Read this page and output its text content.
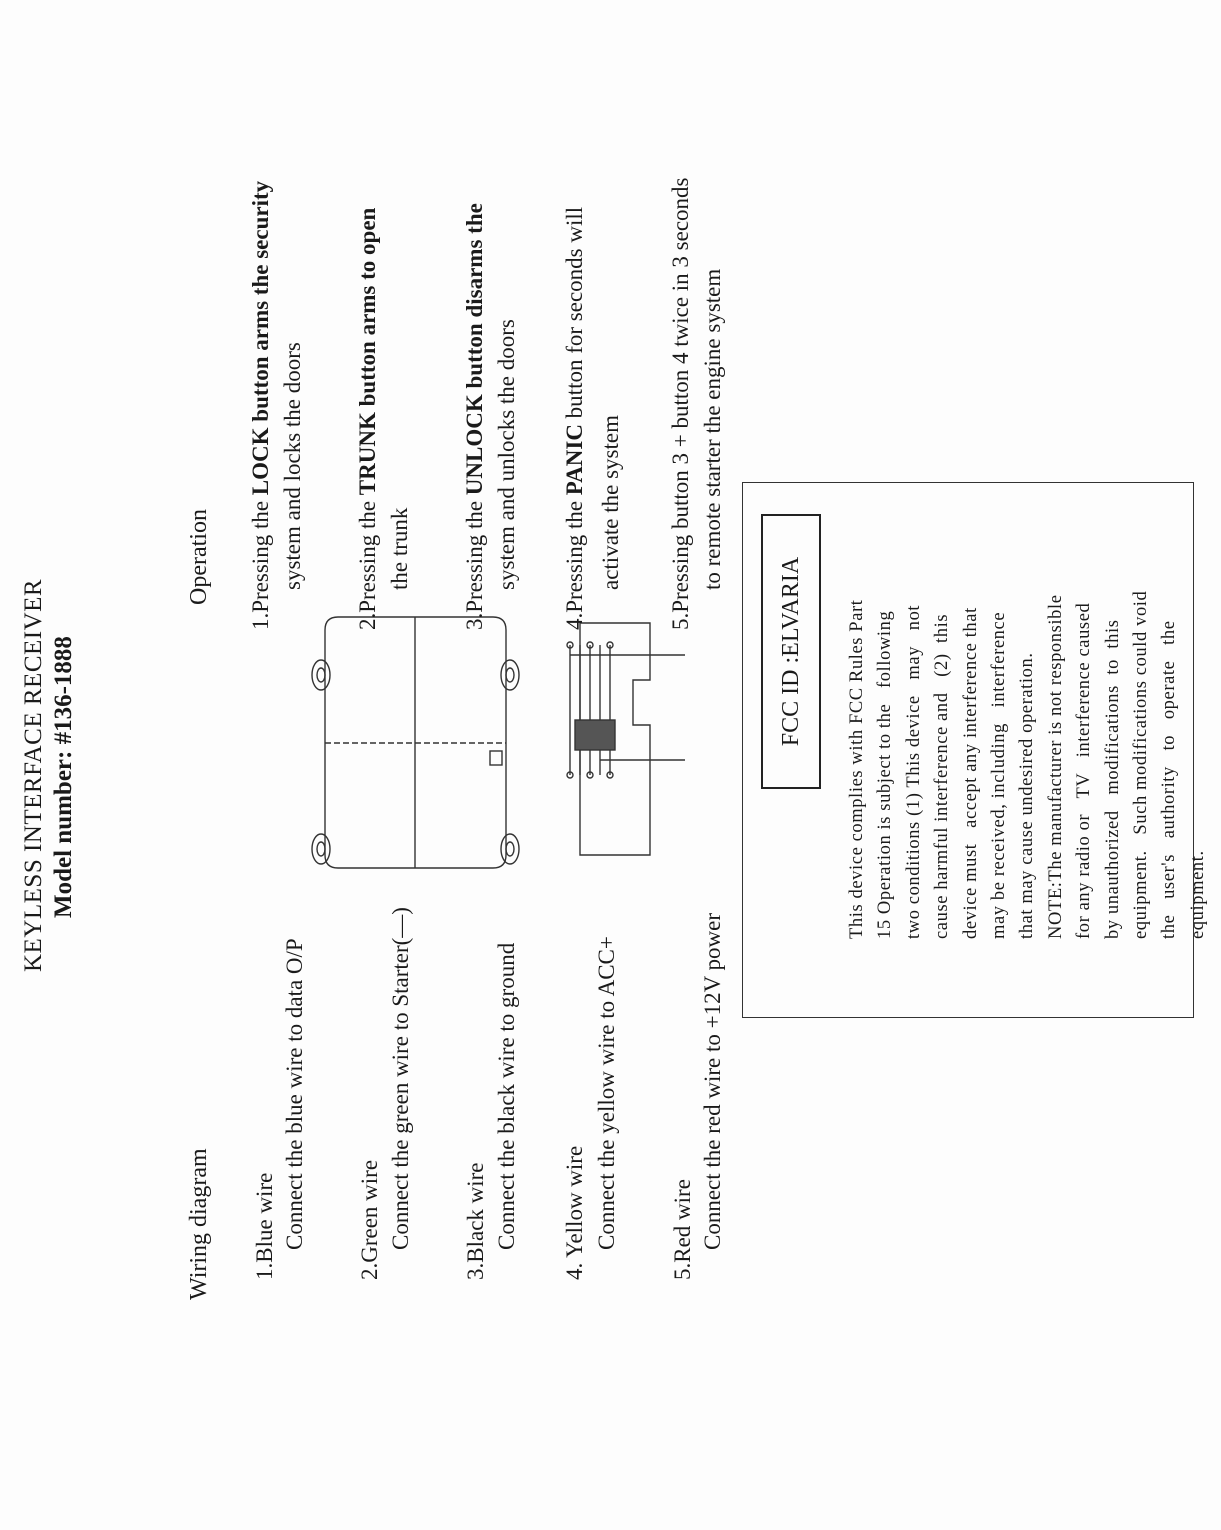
KEYLESS INTERFACE RECEIVER Model number: #136-1888
Wiring diagram 1.Blue wire Connect the blue wire to data O/P 2.Green wire Connect the green wire to Starter(—) 3.Black wire Connect the black wire to ground 4. Yellow wire Connect the yellow wire to ACC+ 5.Red wire Connect the red wire to +12V power
Operation 1.Pressing the LOCK button arms the security
system and locks the doors 2.Pressing the TRUNK button arms to open
the trunk 3.Pressing the UNLOCK button disarms the
system and unlocks the doors 4.Pressing the PANIC button for seconds will
activate the system 5.Pressing button 3 + button 4 twice in 3 seconds to remote starter the engine system
FCC ID :ELVARIA
This device complies with FCC Rules Part
15 Operation is subject to the   following
two conditions (1) This device   may   not
cause harmful interference and   (2)  this
device must   accept any interference that
may be received, including   interference
that may cause undesired operation.
NOTE:The manufacturer is not responsible
for any radio or   TV   interference caused
by unauthorized   modifications  to  this
equipment.   Such modifications could void
the   user's   authority   to   operate   the
equipment.
